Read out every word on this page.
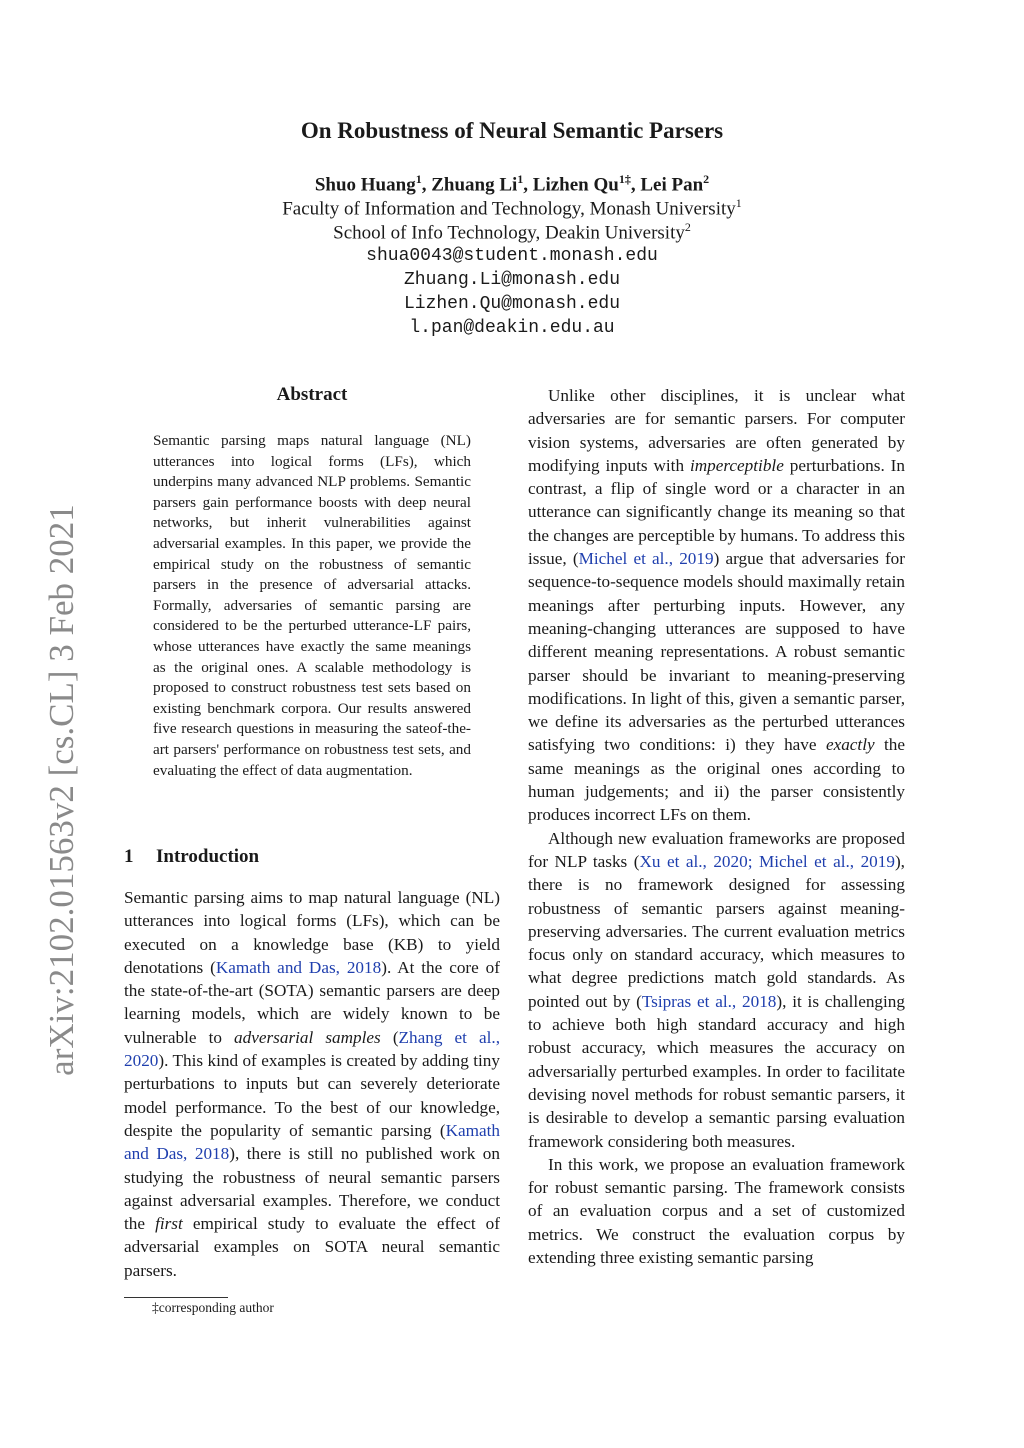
arXiv:2102.01563v2 [cs.CL] 3 Feb 2021
On Robustness of Neural Semantic Parsers
Shuo Huang$^1$, Zhuang Li$^1$, Lizhen $Qu^{1\ddagger}$, Lei Pan$^2$
Faculty of Information and Technology, Monash University$^1$
School of Info Technology, Deakin University$^2$
shua0043@student.monash.edu
Zhuang.Li@monash.edu
Lizhen.Qu@monash.edu
l.pan@deakin.edu.au
Abstract
Semantic parsing maps natural language (NL) utterances into logical forms (LFs), which underpins many advanced NLP problems. Semantic parsers gain performance boosts with deep neural networks, but inherit vulnerabilities against adversarial examples. In this paper, we provide the empirical study on the robustness of semantic parsers in the presence of adversarial attacks. Formally, adversaries of semantic parsing are considered to be the perturbed utterance-LF pairs, whose utterances have exactly the same meanings as the original ones. A scalable methodology is proposed to construct robustness test sets based on existing benchmark corpora. Our results answered five research questions in measuring the sateof-the-art parsers' performance on robustness test sets, and evaluating the effect of data augmentation.
1 Introduction

Semantic parsing aims to map natural language (NL) utterances into logical forms (LFs), which can be executed on a knowledge base (KB) to yield denotations (Kamath and Das, 2018). At the core of the state-of-the-art (SOTA) semantic parsers are deep learning models, which are widely known to be vulnerable to adversarial samples (Zhang et al., 2020). This kind of examples is created by adding tiny perturbations to inputs but can severely deteriorate model performance. To the best of our knowledge, despite the popularity of semantic parsing (Kamath and Das, 2018), there is still no published work on studying the robustness of neural semantic parsers against adversarial examples. Therefore, we conduct the first empirical study to evaluate the effect of adversarial examples on SOTA neural semantic parsers.

Unlike other disciplines, it is unclear what adversaries are for semantic parsers. For computer vision systems, adversaries are often generated by modifying inputs with imperceptible perturbations. In contrast, a flip of single word or a character in an utterance can significantly change its meaning so that the changes are perceptible by humans. To address this issue, (Michel et al., 2019) argue that adversaries for sequence-to-sequence models should maximally retain meanings after perturbing inputs. However, any meaning-changing utterances are supposed to have different meaning representations. A robust semantic parser should be invariant to meaning-preserving modifications. In light of this, given a semantic parser, we define its adversaries as the perturbed utterances satisfying two conditions: i) they have exactly the same meanings as the original ones according to human judgements; and ii) the parser consistently produces incorrect LFs on them.

Although new evaluation frameworks are proposed for NLP tasks (Xu et al., 2020; Michel et al., 2019), there is no framework designed for assessing robustness of semantic parsers against meaning-preserving adversaries. The current evaluation metrics focus only on standard accuracy, which measures to what degree predictions match gold standards. As pointed out by (Tsipras et al., 2018), it is challenging to achieve both high standard accuracy and high robust accuracy, which measures the accuracy on adversarially perturbed examples. In order to facilitate devising novel methods for robust semantic parsers, it is desirable to develop a semantic parsing evaluation framework considering both measures.

In this work, we propose an evaluation framework for robust semantic parsing. The framework consists of an evaluation corpus and a set of customized metrics. We construct the evaluation corpus by extending three existing semantic parsing

‡corresponding author
